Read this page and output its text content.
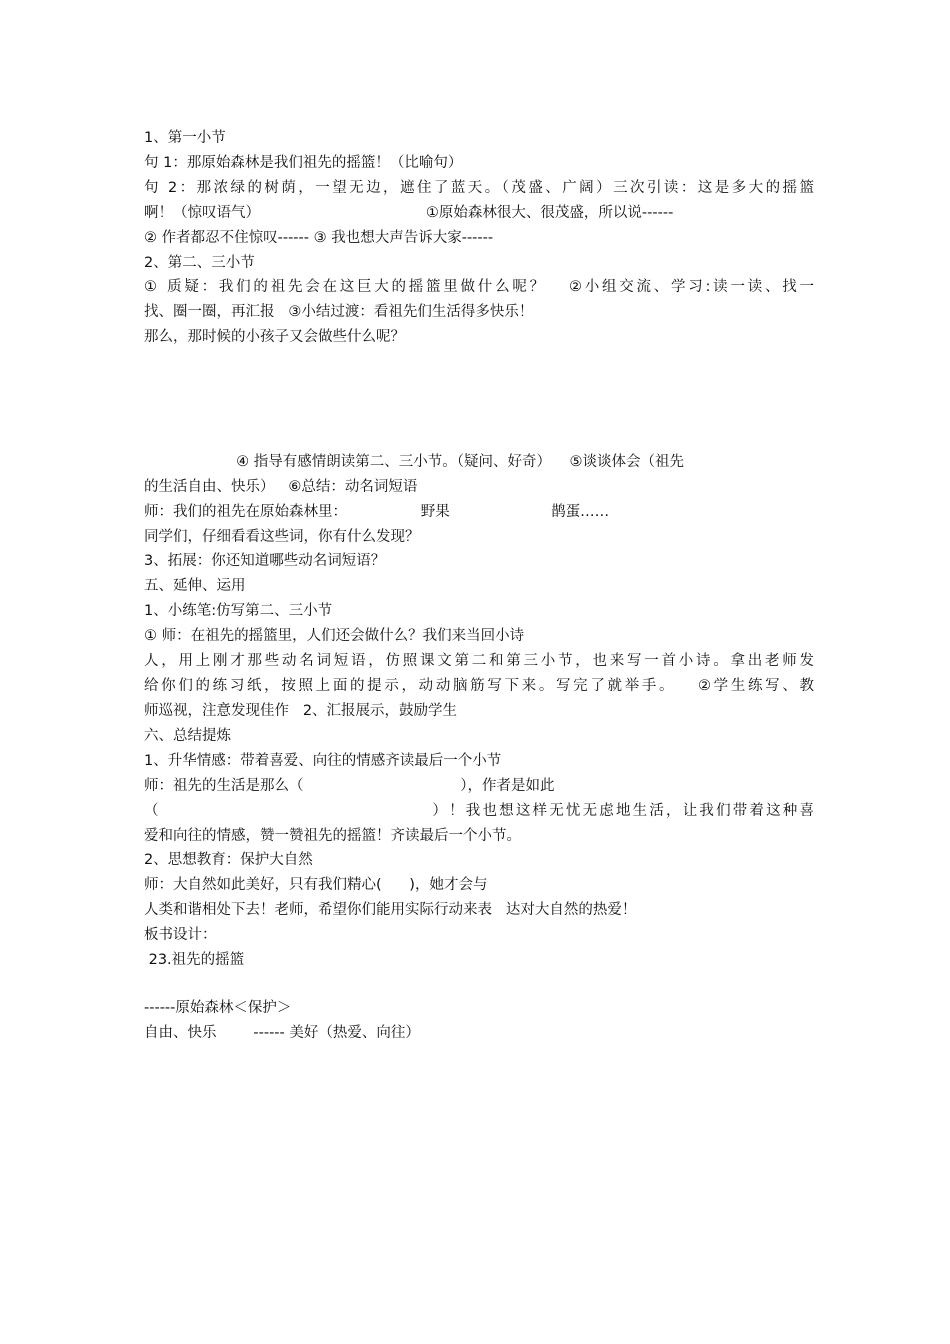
1、第一小节

句 1：那原始森林是我们祖先的摇篮！（比喻句）

句 2：那浓绿的树荫，一望无边，遮住了蓝天。（茂盛、广阔）三次引读：这是多大的摇篮

啊！（惊叹语气）                                    ①原始森林很大、很茂盛，所以说------

② 作者都忍不住惊叹------ ③ 我也想大声告诉大家------

2、第二、三小节

① 质疑：我们的祖先会在这巨大的摇篮里做什么呢？   ②小组交流、学习:读一读、找一

找、圈一圈，再汇报   ③小结过渡：看祖先们生活得多快乐！

那么，那时候的小孩子又会做些什么呢？

④ 指导有感情朗读第二、三小节。（疑问、好奇）    ⑤谈谈体会（祖先

的生活自由、快乐）   ⑥总结：动名词短语

师：我们的祖先在原始森林里：                野果                      鹊蛋……

同学们，仔细看看这些词，你有什么发现？

3、拓展：你还知道哪些动名词短语？

五、延伸、运用

1、小练笔:仿写第二、三小节

① 师：在祖先的摇篮里，人们还会做什么？我们来当回小诗

人，用上刚才那些动名词短语，仿照课文第二和第三小节，也来写一首小诗。拿出老师发

给你们的练习纸，按照上面的提示，动动脑筋写下来。写完了就举手。   ②学生练写、教

师巡视，注意发现佳作   2、汇报展示，鼓励学生

六、总结提炼

1、升华情感：带着喜爱、向往的情感齐读最后一个小节

师：祖先的生活是那么（                                  ），作者是如此

（                                        ）！我也想这样无忧无虑地生活，让我们带着这种喜

爱和向往的情感，赞一赞祖先的摇篮！齐读最后一个小节。

2、思想教育：保护大自然

师：大自然如此美好，只有我们精心(      )，她才会与

人类和谐相处下去！老师，希望你们能用实际行动来表   达对大自然的热爱！

板书设计：

23.祖先的摇篮

------原始森林＜保护＞

自由、快乐        ------ 美好（热爱、向往）
